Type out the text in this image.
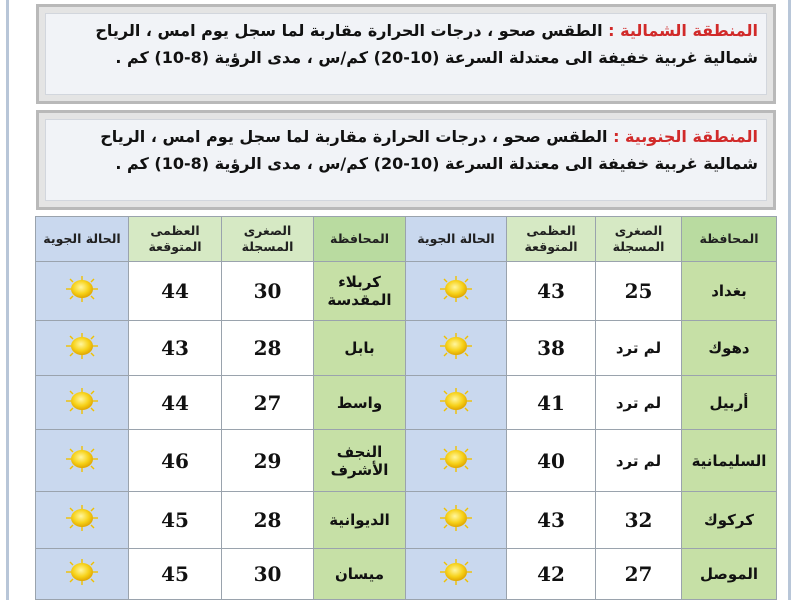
المنطقة الشمالية : الطقس صحو ، درجات الحرارة مقاربة لما سجل يوم امس ، الرياح شمالية غربية خفيفة الى معتدلة السرعة (10-20) كم/س ، مدى الرؤية (8-10) كم .
المنطقة الجنوبية : الطقس صحو ، درجات الحرارة مقاربة لما سجل يوم امس ، الرياح شمالية غربية خفيفة الى معتدلة السرعة (10-20) كم/س ، مدى الرؤية (8-10) كم .
المحافظة	الصغرى المسجلة	العظمى المتوقعة	الحالة الجوية	المحافظة	الصغرى المسجلة	العظمى المتوقعة	الحالة الجوية
بغداد	25	43		كربلاء المقدسة	30	44	

دهوك	لم ترد	38		بابل	28	43	

أربيل	لم ترد	41		واسط	27	44	

السليمانية	لم ترد	40		النجف الأشرف	29	46	

كركوك	32	43		الديوانية	28	45	

الموصل	27	42		ميسان	30	45	
